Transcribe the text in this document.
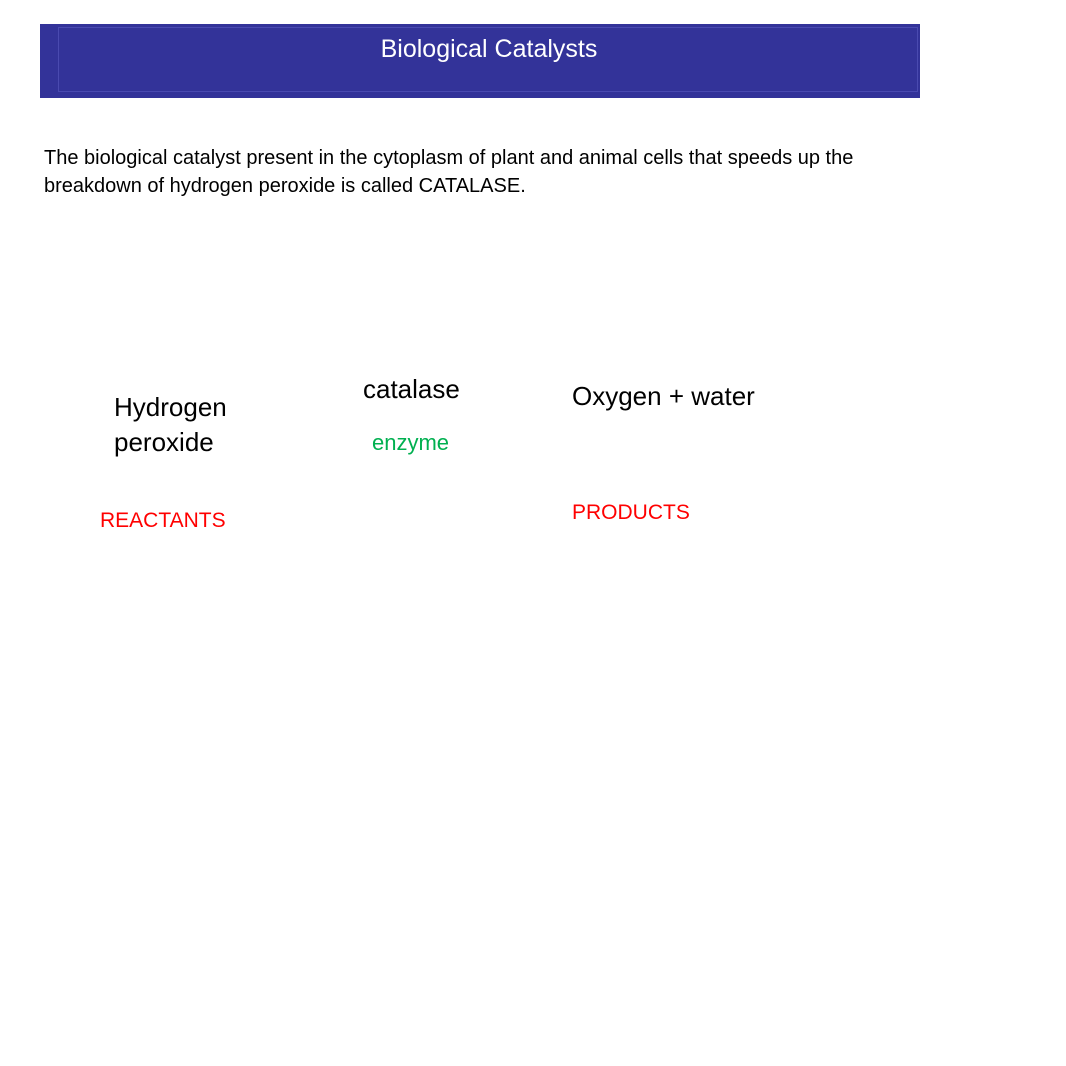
Biological Catalysts

The biological catalyst present in the cytoplasm of plant and animal cells that speeds up the breakdown of hydrogen peroxide is called CATALASE.

Hydrogen peroxide
catalase
enzyme
Oxygen + water
REACTANTS	PRODUCTS
